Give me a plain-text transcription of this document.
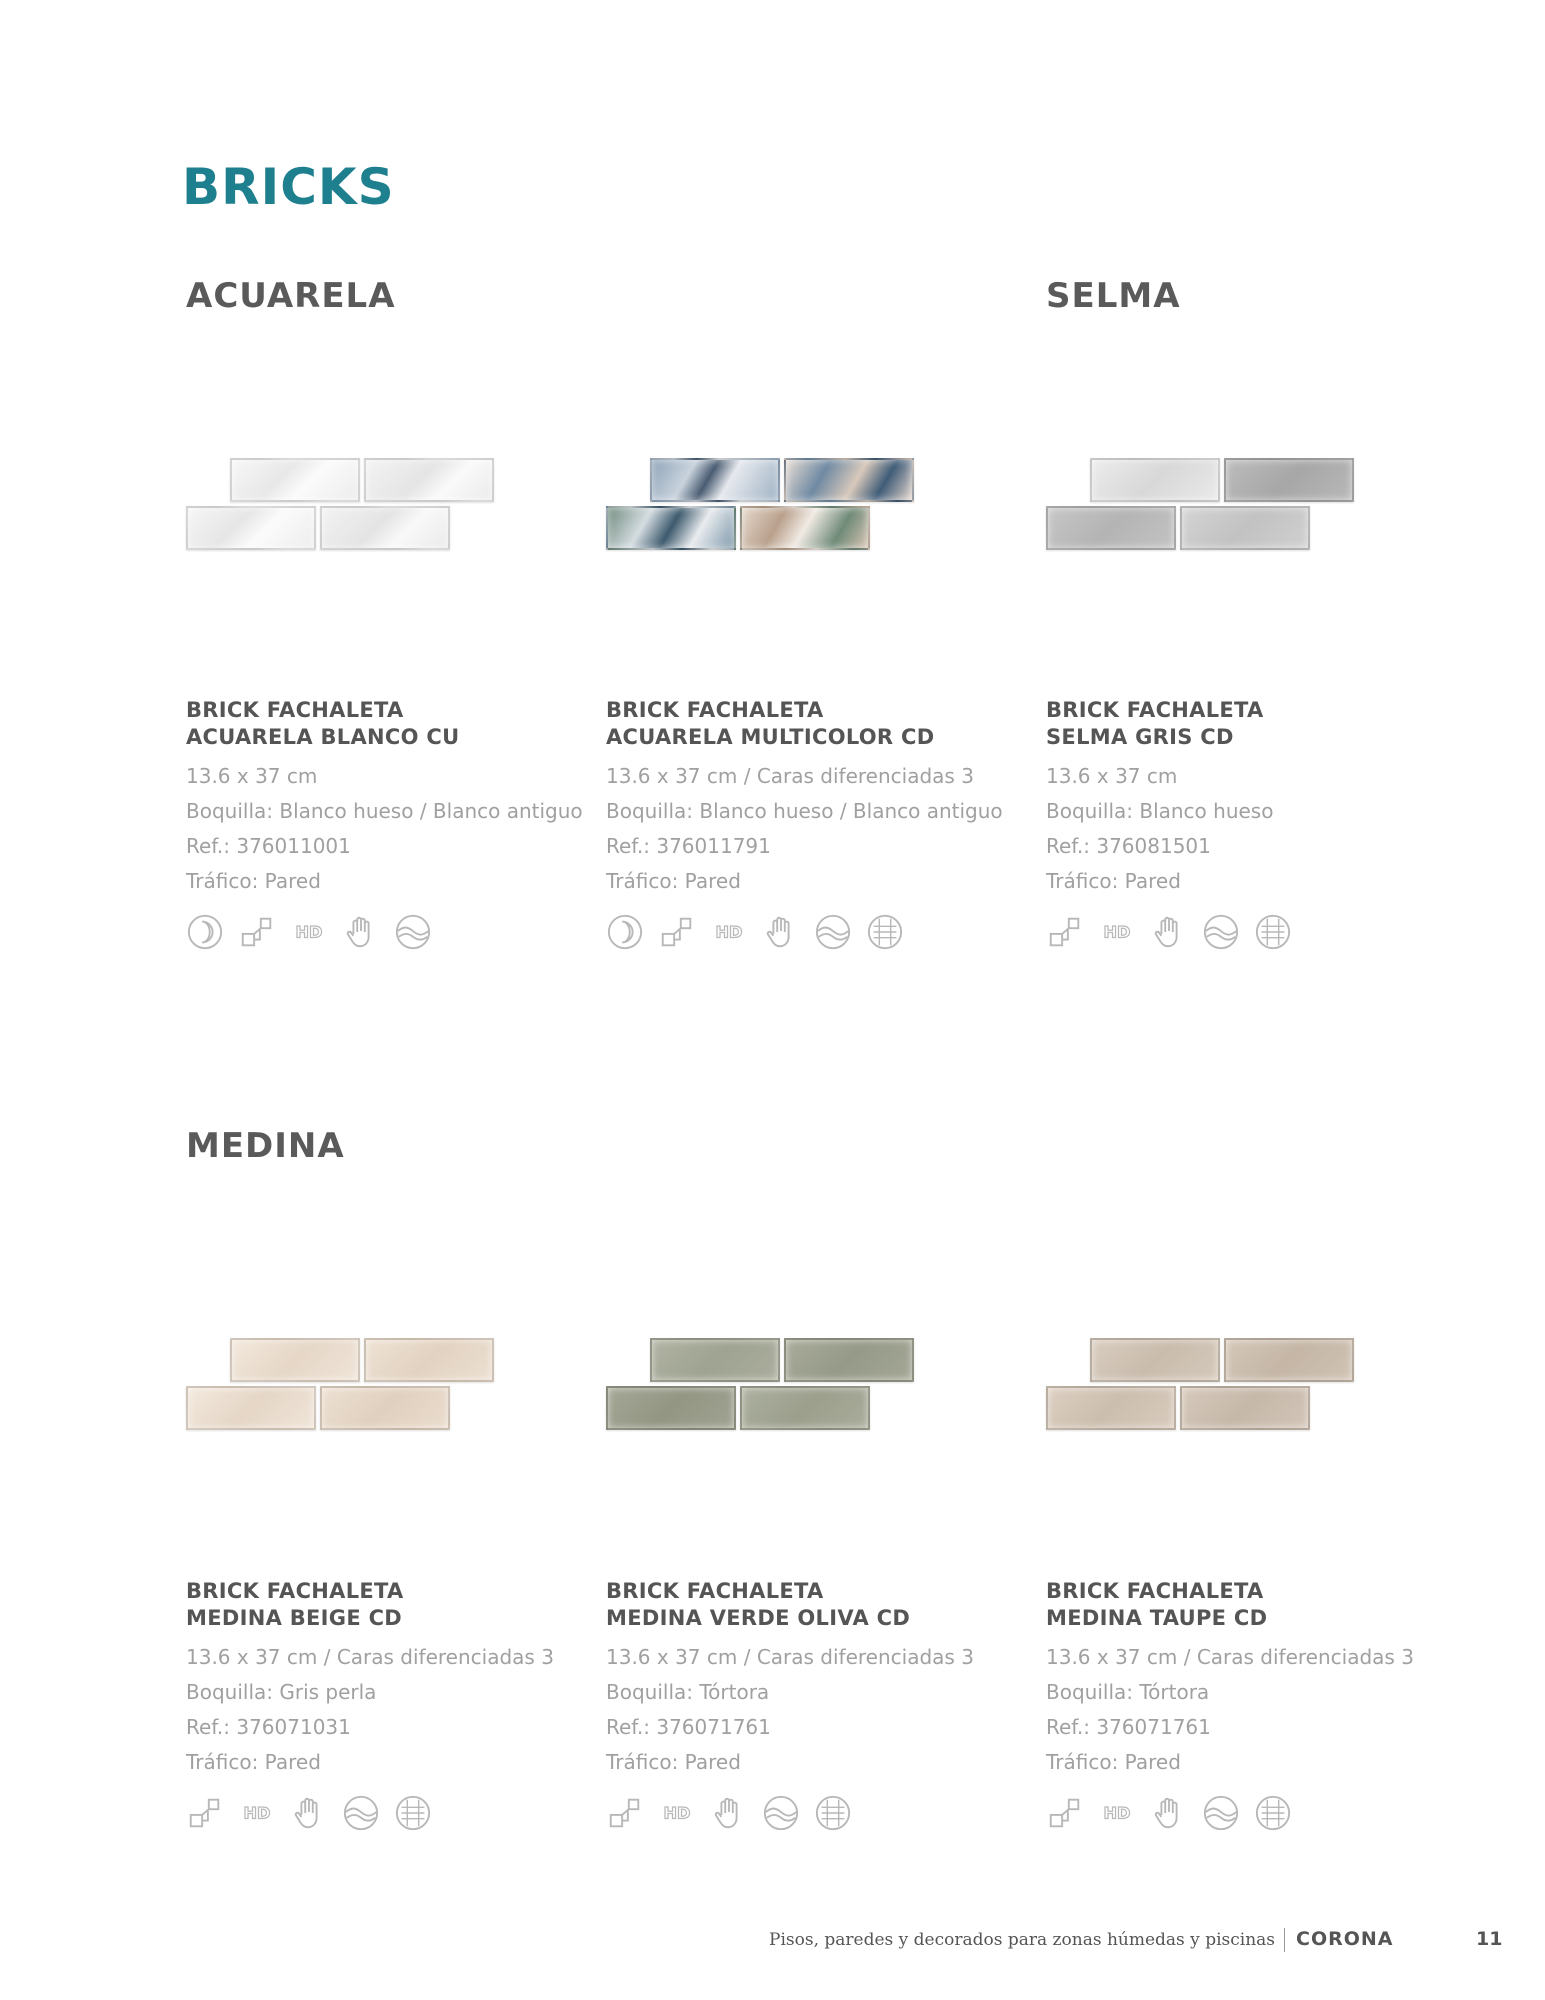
BRICKS
ACUARELA	SELMA
MEDINA

BRICK FACHALETA

ACUARELA BLANCO CU

13.6 x 37 cm

Boquilla: Blanco hueso / Blanco antiguo

Ref.: 376011001

Tráfico: Pared

HD

BRICK FACHALETA

ACUARELA MULTICOLOR CD

13.6 x 37 cm / Caras diferenciadas 3

Boquilla: Blanco hueso / Blanco antiguo

Ref.: 376011791

Tráfico: Pared

HD

BRICK FACHALETA

SELMA GRIS CD

13.6 x 37 cm

Boquilla: Blanco hueso

Ref.: 376081501

Tráfico: Pared

HD

BRICK FACHALETA

MEDINA BEIGE CD

13.6 x 37 cm / Caras diferenciadas 3

Boquilla: Gris perla

Ref.: 376071031

Tráfico: Pared

HD

BRICK FACHALETA

MEDINA VERDE OLIVA CD

13.6 x 37 cm / Caras diferenciadas 3

Boquilla: Tórtora

Ref.: 376071761

Tráfico: Pared

HD

BRICK FACHALETA

MEDINA TAUPE CD

13.6 x 37 cm / Caras diferenciadas 3

Boquilla: Tórtora

Ref.: 376071761

Tráfico: Pared

HD
Pisos, paredes y decorados para zonas húmedas y piscinas CORONA	11
